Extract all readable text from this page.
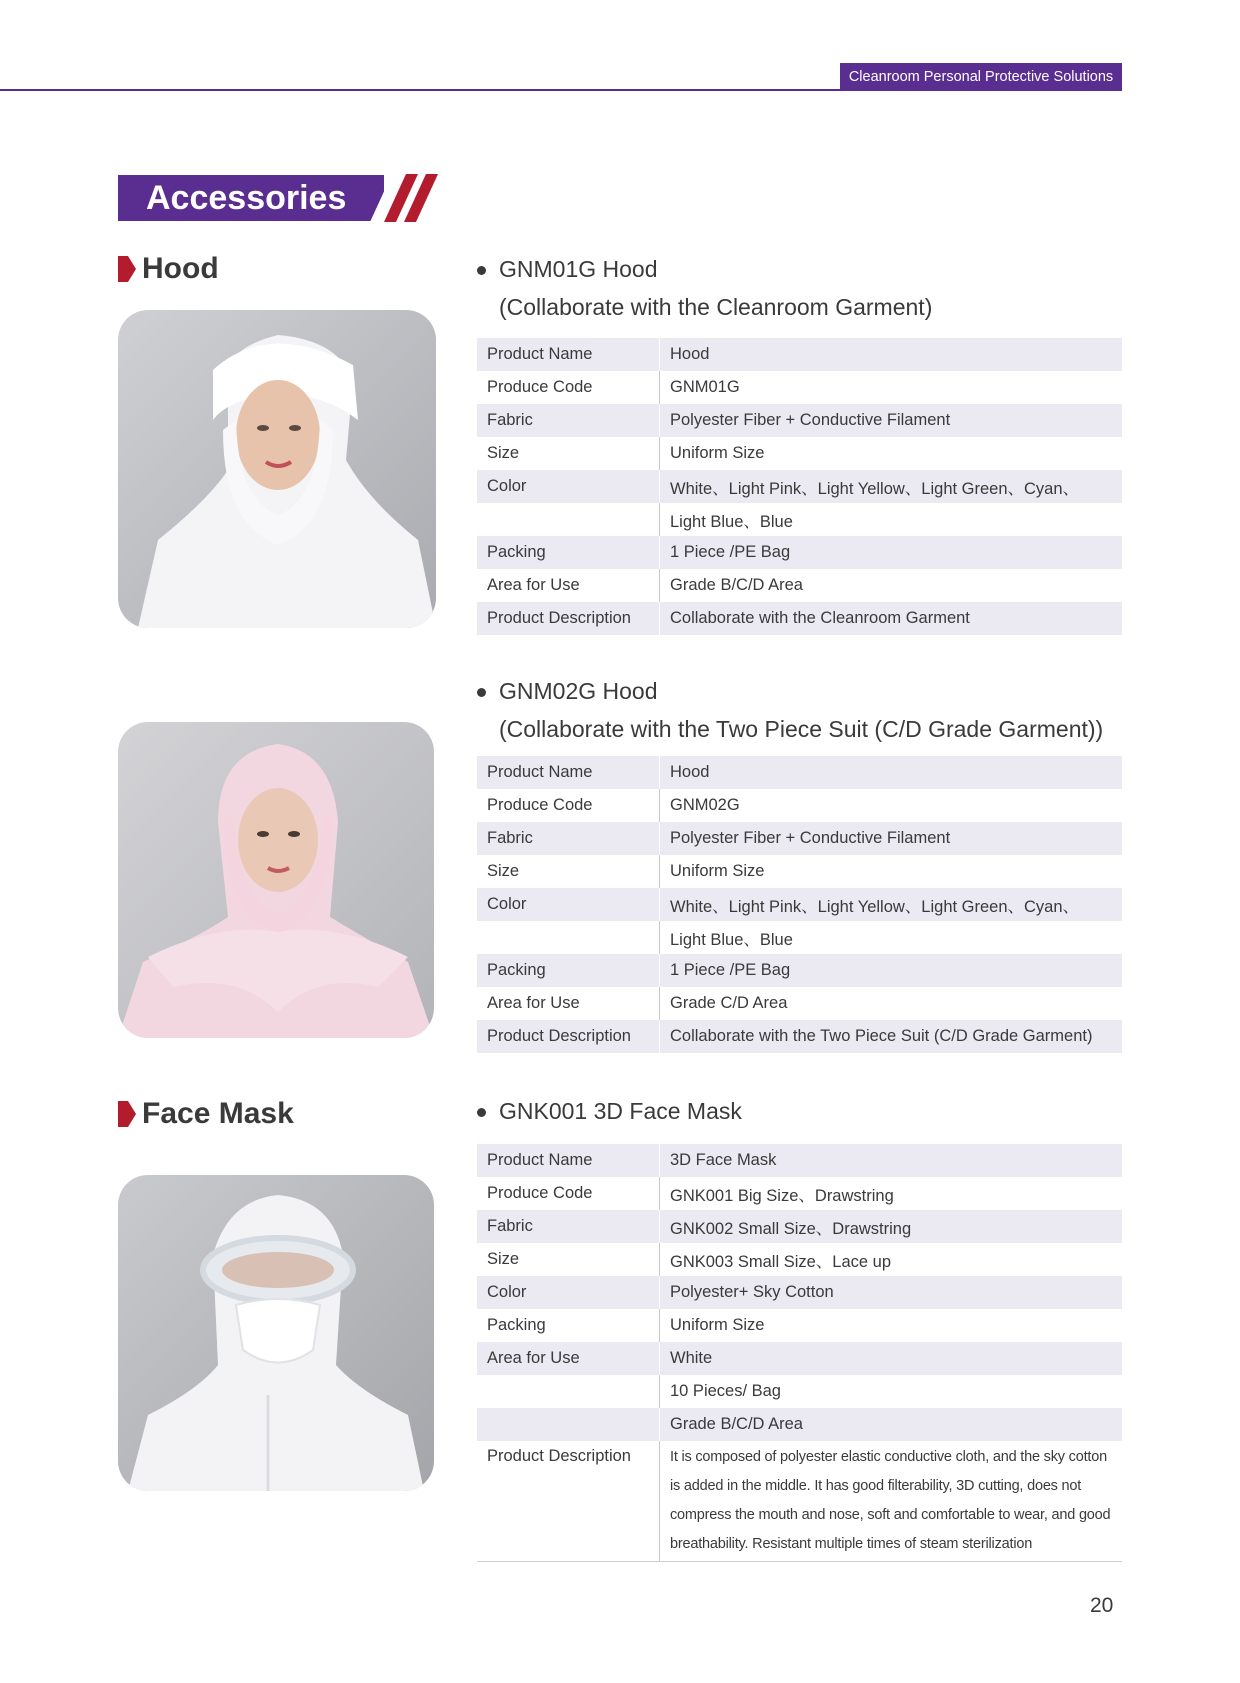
Cleanroom Personal Protective Solutions
Accessories
Hood	GNM01G Hood
(Collaborate with the Cleanroom Garment)
Product Name	Hood
Produce Code	GNM01G
Fabric	Polyester Fiber + Conductive Filament
Size	Uniform Size
Color	White、Light Pink、Light Yellow、Light Green、Cyan、
	Light Blue、Blue
Packing	1 Piece /PE Bag
Area for Use	Grade B/C/D Area
Product Description	Collaborate with the Cleanroom Garment
GNM02G Hood
(Collaborate with the Two Piece Suit (C/D Grade Garment))
Product Name	Hood
Produce Code	GNM02G
Fabric	Polyester Fiber + Conductive Filament
Size	Uniform Size
Color	White、Light Pink、Light Yellow、Light Green、Cyan、
	Light Blue、Blue
Packing	1 Piece /PE Bag
Area for Use	Grade C/D Area
Product Description	Collaborate with the Two Piece Suit (C/D Grade Garment)
Face Mask	GNK001 3D Face Mask
Product Name	3D Face Mask
Produce Code	GNK001 Big Size、Drawstring
Fabric	GNK002 Small Size、Drawstring
Size	GNK003 Small Size、Lace up
Color	Polyester+ Sky Cotton
Packing	Uniform Size
Area for Use	White
	10 Pieces/ Bag
	Grade B/C/D Area
Product Description	It is composed of polyester elastic conductive cloth, and the sky cotton is added in the middle. It has good filterability, 3D cutting, does not compress the mouth and nose, soft and comfortable to wear, and good breathability. Resistant multiple times of steam sterilization
20
